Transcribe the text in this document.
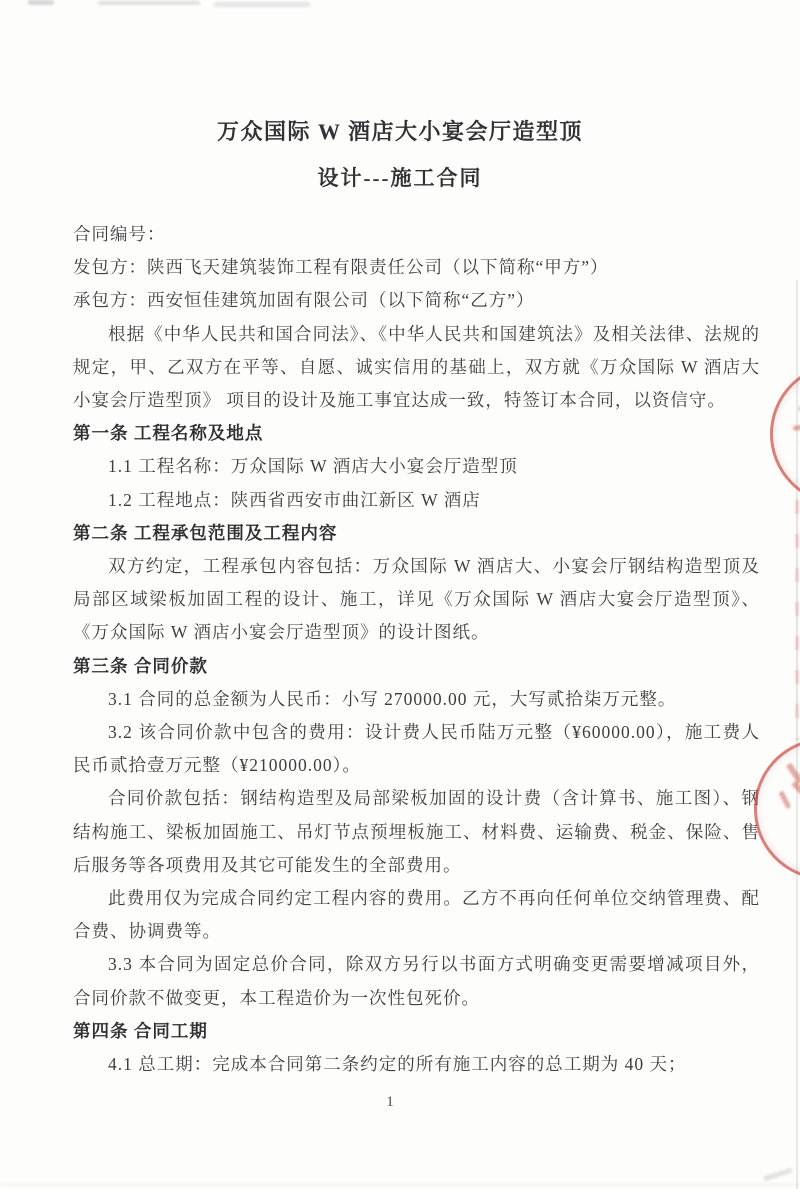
万众国际 W 酒店大小宴会厅造型顶
设计---施工合同

合同编号：

发包方：陕西飞天建筑装饰工程有限责任公司（以下简称“甲方”）

承包方：西安恒佳建筑加固有限公司（以下简称“乙方”）

根据《中华人民共和国合同法》、《中华人民共和国建筑法》及相关法律、法规的规定，甲、乙双方在平等、自愿、诚实信用的基础上，双方就《万众国际 W 酒店大小宴会厅造型顶》 项目的设计及施工事宜达成一致，特签订本合同，以资信守。

第一条 工程名称及地点

1.1 工程名称：万众国际 W 酒店大小宴会厅造型顶

1.2 工程地点：陕西省西安市曲江新区 W 酒店

第二条 工程承包范围及工程内容

双方约定，工程承包内容包括：万众国际 W 酒店大、小宴会厅钢结构造型顶及局部区域梁板加固工程的设计、施工，详见《万众国际 W 酒店大宴会厅造型顶》、《万众国际 W 酒店小宴会厅造型顶》的设计图纸。

第三条 合同价款

3.1 合同的总金额为人民币：小写 270000.00 元，大写贰拾柒万元整。

3.2 该合同价款中包含的费用：设计费人民币陆万元整（¥60000.00），施工费人民币贰拾壹万元整（¥210000.00）。

合同价款包括：钢结构造型及局部梁板加固的设计费（含计算书、施工图）、钢结构施工、梁板加固施工、吊灯节点预埋板施工、材料费、运输费、税金、保险、售后服务等各项费用及其它可能发生的全部费用。

此费用仅为完成合同约定工程内容的费用。乙方不再向任何单位交纳管理费、配合费、协调费等。

3.3 本合同为固定总价合同，除双方另行以书面方式明确变更需要增减项目外，合同价款不做变更，本工程造价为一次性包死价。

第四条 合同工期

4.1 总工期：完成本合同第二条约定的所有施工内容的总工期为 40 天；

1
